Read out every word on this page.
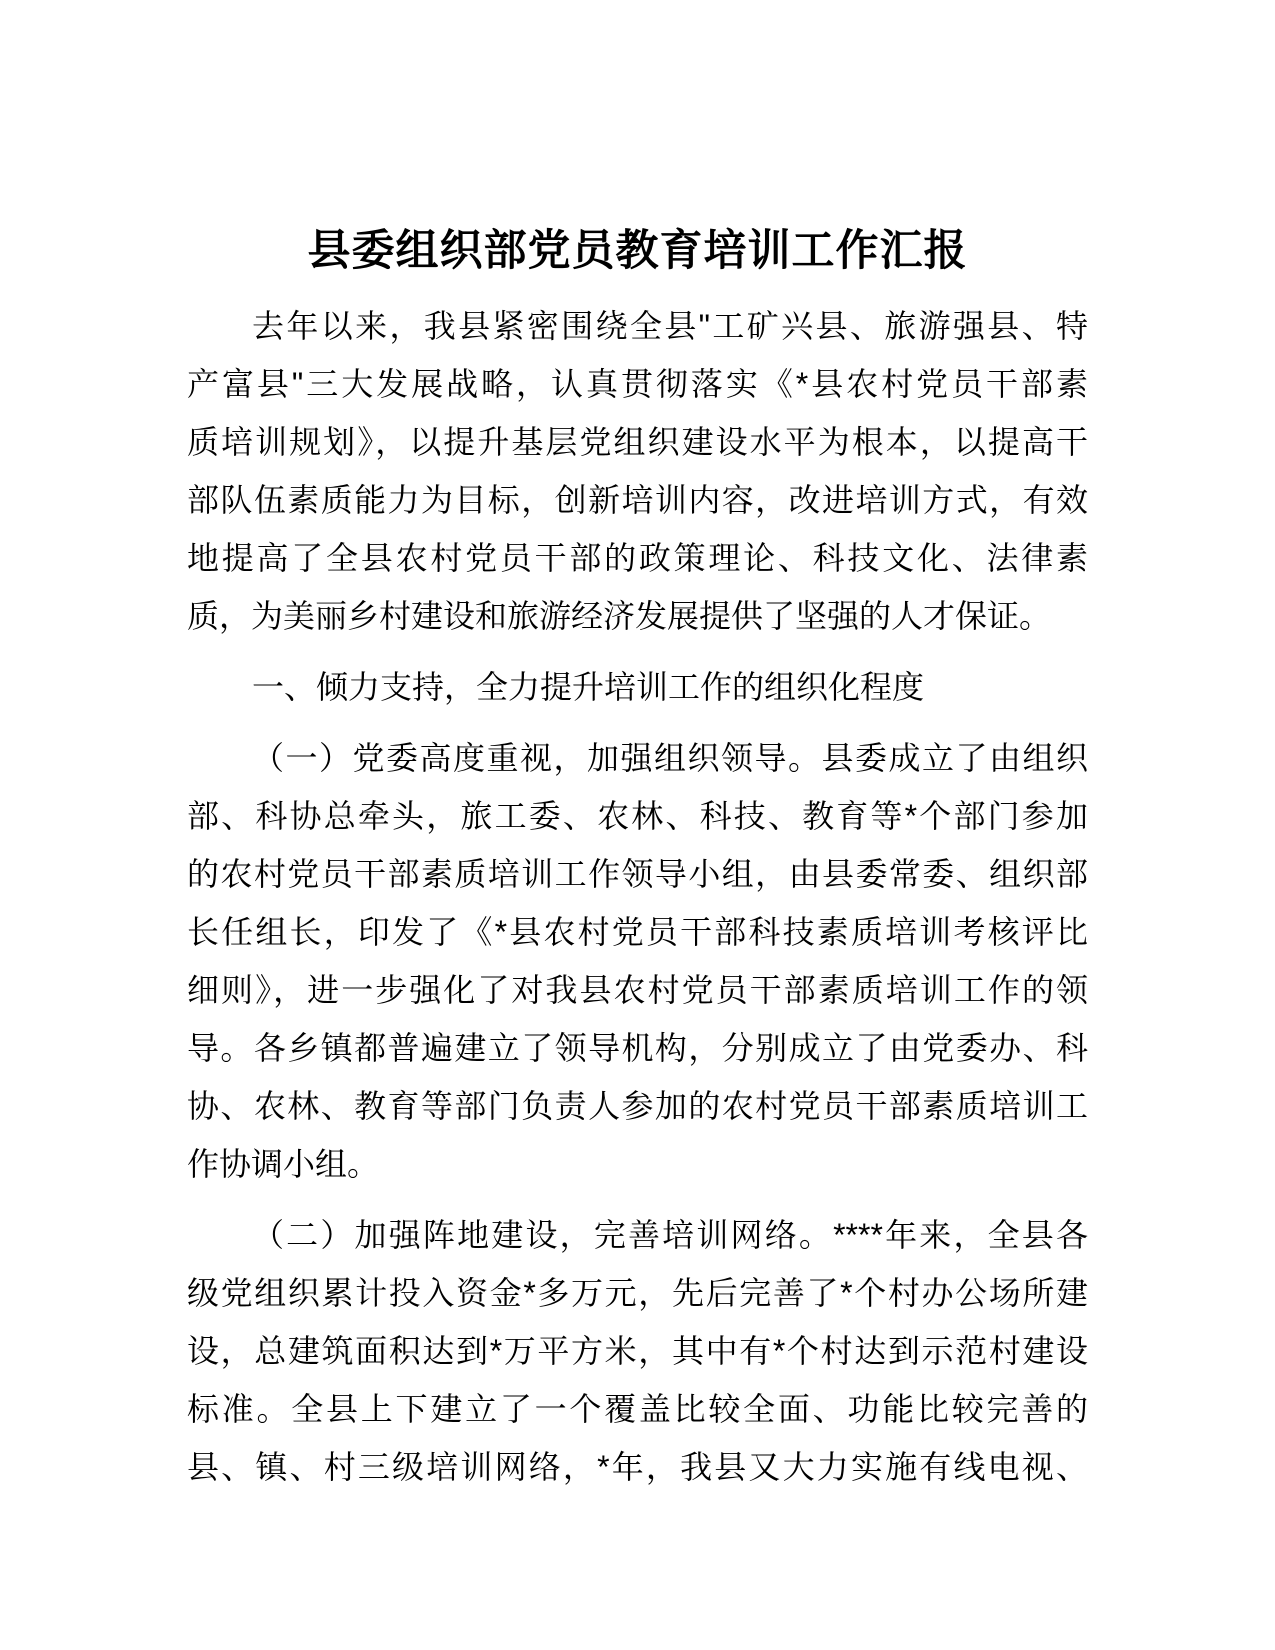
县委组织部党员教育培训工作汇报
去年以来，我县紧密围绕全县"工矿兴县、旅游强县、特
产富县"三大发展战略，认真贯彻落实《*县农村党员干部素
质培训规划》，以提升基层党组织建设水平为根本，以提高干
部队伍素质能力为目标，创新培训内容，改进培训方式，有效
地提高了全县农村党员干部的政策理论、科技文化、法律素
质，为美丽乡村建设和旅游经济发展提供了坚强的人才保证。
一、倾力支持，全力提升培训工作的组织化程度
（一）党委高度重视，加强组织领导。县委成立了由组织
部、科协总牵头，旅工委、农林、科技、教育等*个部门参加
的农村党员干部素质培训工作领导小组，由县委常委、组织部
长任组长，印发了《*县农村党员干部科技素质培训考核评比
细则》，进一步强化了对我县农村党员干部素质培训工作的领
导。各乡镇都普遍建立了领导机构，分别成立了由党委办、科
协、农林、教育等部门负责人参加的农村党员干部素质培训工
作协调小组。
（二）加强阵地建设，完善培训网络。****年来，全县各
级党组织累计投入资金*多万元，先后完善了*个村办公场所建
设，总建筑面积达到*万平方米，其中有*个村达到示范村建设
标准。全县上下建立了一个覆盖比较全面、功能比较完善的
县、镇、村三级培训网络，*年，我县又大力实施有线电视、
